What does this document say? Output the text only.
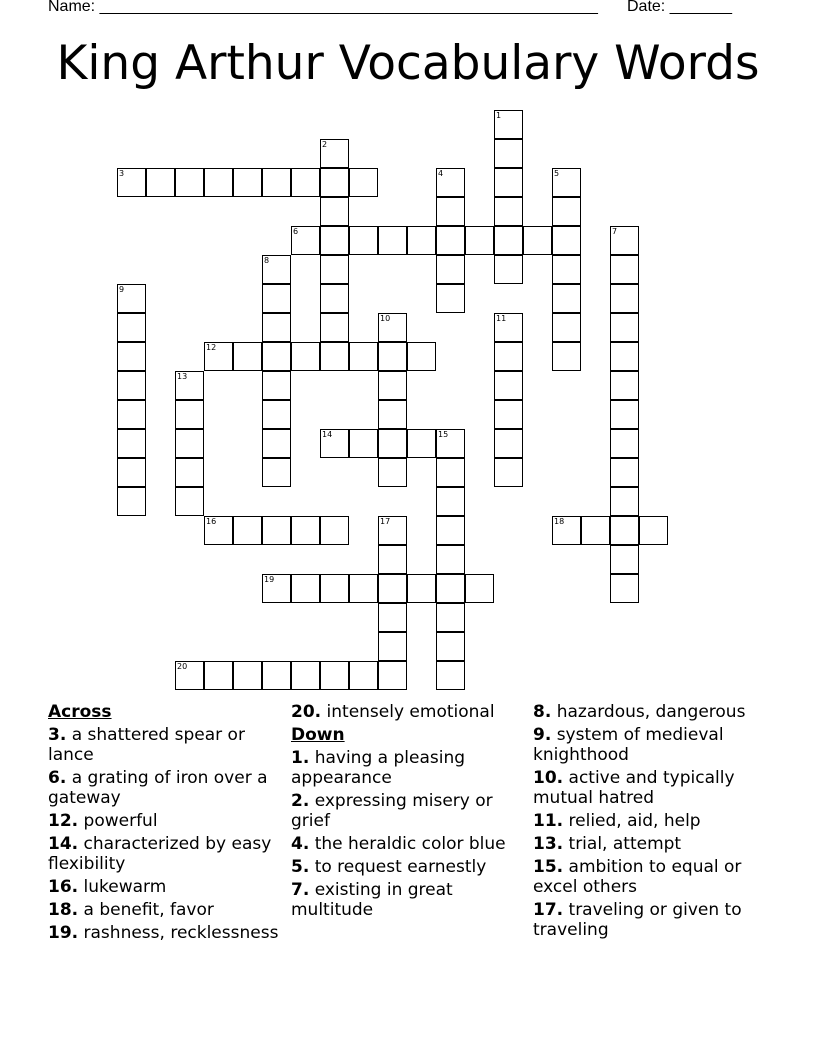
Name: ________________________________________________________ Date: _______
King Arthur Vocabulary Words
1
2
3	4	5
6	7
8
9
10	11
12
13
14	15
16	17	18
19
20
Across
3. a shattered spear or lance
6. a grating of iron over a gateway
12. powerful
14. characterized by easy flexibility
16. lukewarm
18. a benefit, favor
19. rashness, recklessness
20. intensely emotional
Down
1. having a pleasing appearance
2. expressing misery or grief
4. the heraldic color blue
5. to request earnestly
7. existing in great multitude
8. hazardous, dangerous
9. system of medieval knighthood
10. active and typically mutual hatred
11. relied, aid, help
13. trial, attempt
15. ambition to equal or excel others
17. traveling or given to traveling
